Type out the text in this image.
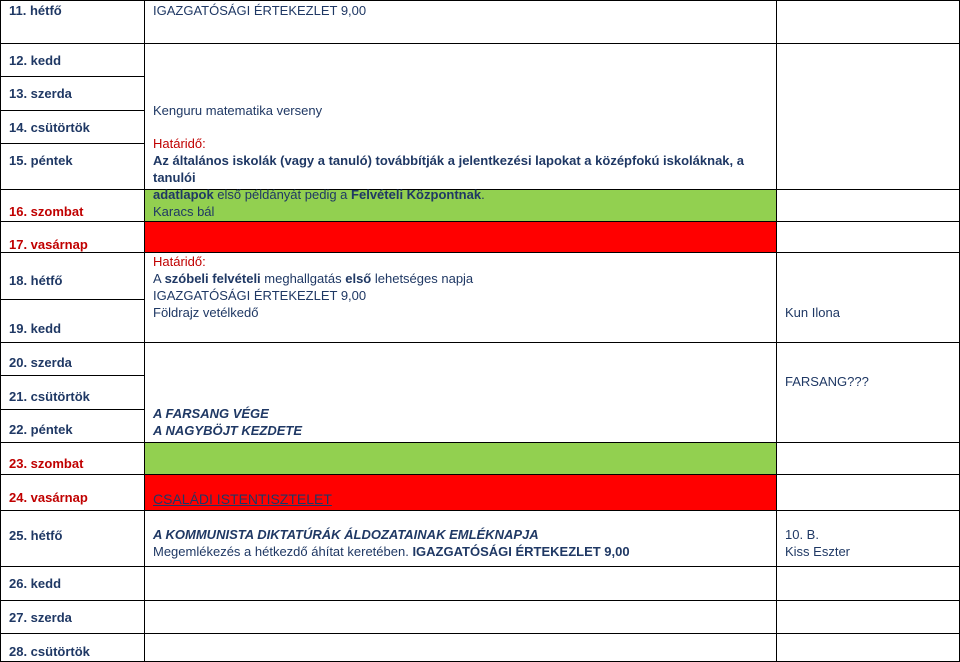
11. hétfő
12. kedd
13. szerda
14. csütörtök
15. péntek
16. szombat
17. vasárnap
18. hétfő
19. kedd
20. szerda
21. csütörtök
22. péntek
23. szombat
24. vasárnap
25. hétfő
26. kedd
27. szerda
28. csütörtök
IGAZGATÓSÁGI ÉRTEKEZLET 9,00
Kenguru matematika verseny
Határidő:
Az általános iskolák (vagy a tanuló) továbbítják a jelentkezési lapokat a középfokú iskoláknak, a tanulói
adatlapok első példányát pedig a Felvételi Központnak.
Karacs bál
Határidő:
A szóbeli felvételi meghallgatás első lehetséges napja
IGAZGATÓSÁGI ÉRTEKEZLET 9,00
Földrajz vetélkedő	Kun Ilona
FARSANG???
A FARSANG VÉGE
A NAGYBÖJT KEZDETE
CSALÁDI ISTENTISZTELET
A KOMMUNISTA DIKTATÚRÁK ÁLDOZATAINAK EMLÉKNAPJA
Megemlékezés a hétkezdő áhítat keretében. IGAZGATÓSÁGI ÉRTEKEZLET 9,00
10. B.
Kiss Eszter
